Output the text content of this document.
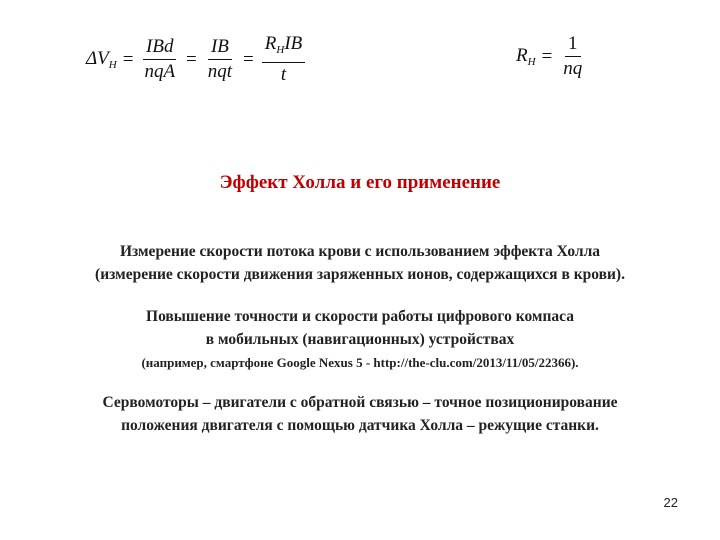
$\Delta V_H = \frac{\text{IBd}}{\text{nqA}} = \frac{IB}{\text{nqt}} = \frac{R_HIB}{t}$	$R_H = \frac{1}{nq}$
Эффект Холла и его применение
Измерение скорости потока крови с использованием эффекта Холла
(измерение скорости движения заряженных ионов, содержащихся в крови).
Повышение точности и скорости работы цифрового компаса
в мобильных (навигационных) устройствах
(например, смартфоне Google Nexus 5 - http://the-clu.com/2013/11/05/22366).
Сервомоторы – двигатели с обратной связью – точное позиционирование
положения двигателя с помощью датчика Холла – режущие станки.
22
